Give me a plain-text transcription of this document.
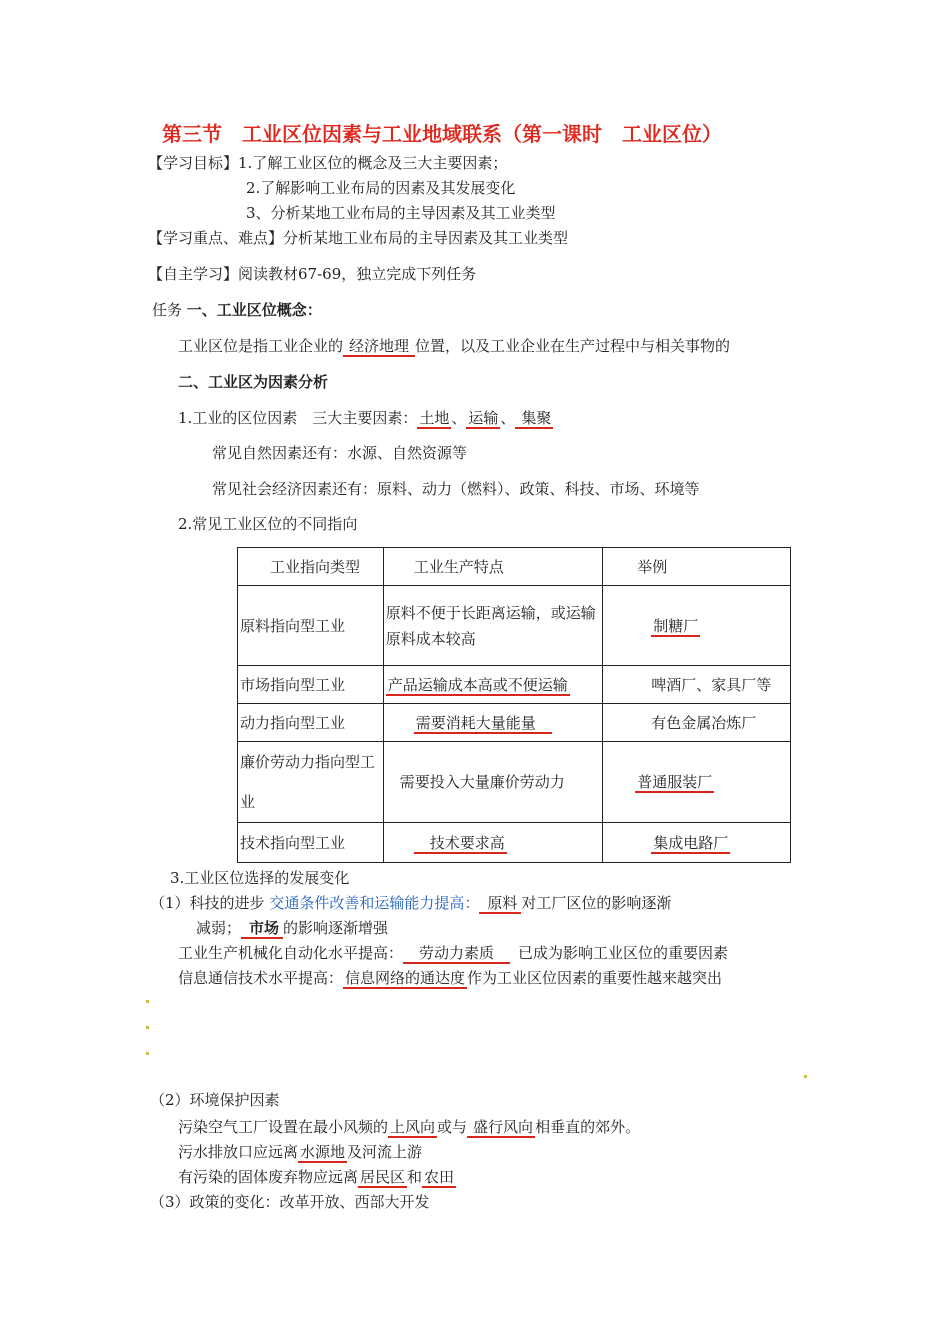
第三节　工业区位因素与工业地域联系（第一课时　工业区位）
【学习目标】1.了解工业区位的概念及三大主要因素；
2.了解影响工业布局的因素及其发展变化
3、分析某地工业布局的主导因素及其工业类型
【学习重点、难点】分析某地工业布局的主导因素及其工业类型
【自主学习】阅读教材67-69，独立完成下列任务
任务 一、工业区位概念：
工业区位是指工业企业的 经济地理 位置，以及工业企业在生产过程中与相关事物的
二、工业区为因素分析
1.工业的区位因素　三大主要因素： 土地 、 运输 、 集聚
常见自然因素还有：水源、自然资源等
常见社会经济因素还有：原料、动力（燃料）、政策、科技、市场、环境等
2.常见工业区位的不同指向
工业指向类型	工业生产特点	举例
原料指向型工业	原料不便于长距离运输，或运输原料成本较高	制糖厂
市场指向型工业	产品运输成本高或不便运输	啤酒厂、家具厂等
动力指向型工业	需要消耗大量能量	有色金属冶炼厂
廉价劳动力指向型工业	需要投入大量廉价劳动力	普通服装厂
技术指向型工业	技术要求高	集成电路厂
3.工业区位选择的发展变化
（1）科技的进步 交通条件改善和运输能力提高： 原料 对工厂区位的影响逐渐
减弱； 市场 的影响逐渐增强
工业生产机械化自动化水平提高： 劳动力素质 已成为影响工业区位的重要因素
信息通信技术水平提高： 信息网络的通达度 作为工业区位因素的重要性越来越突出
（2）环境保护因素
污染空气工厂设置在最小风频的 上风向 或与 盛行风向 相垂直的郊外。
污水排放口应远离 水源地 及河流上游
有污染的固体废弃物应远离 居民区 和 农田
（3）政策的变化：改革开放、西部大开发
